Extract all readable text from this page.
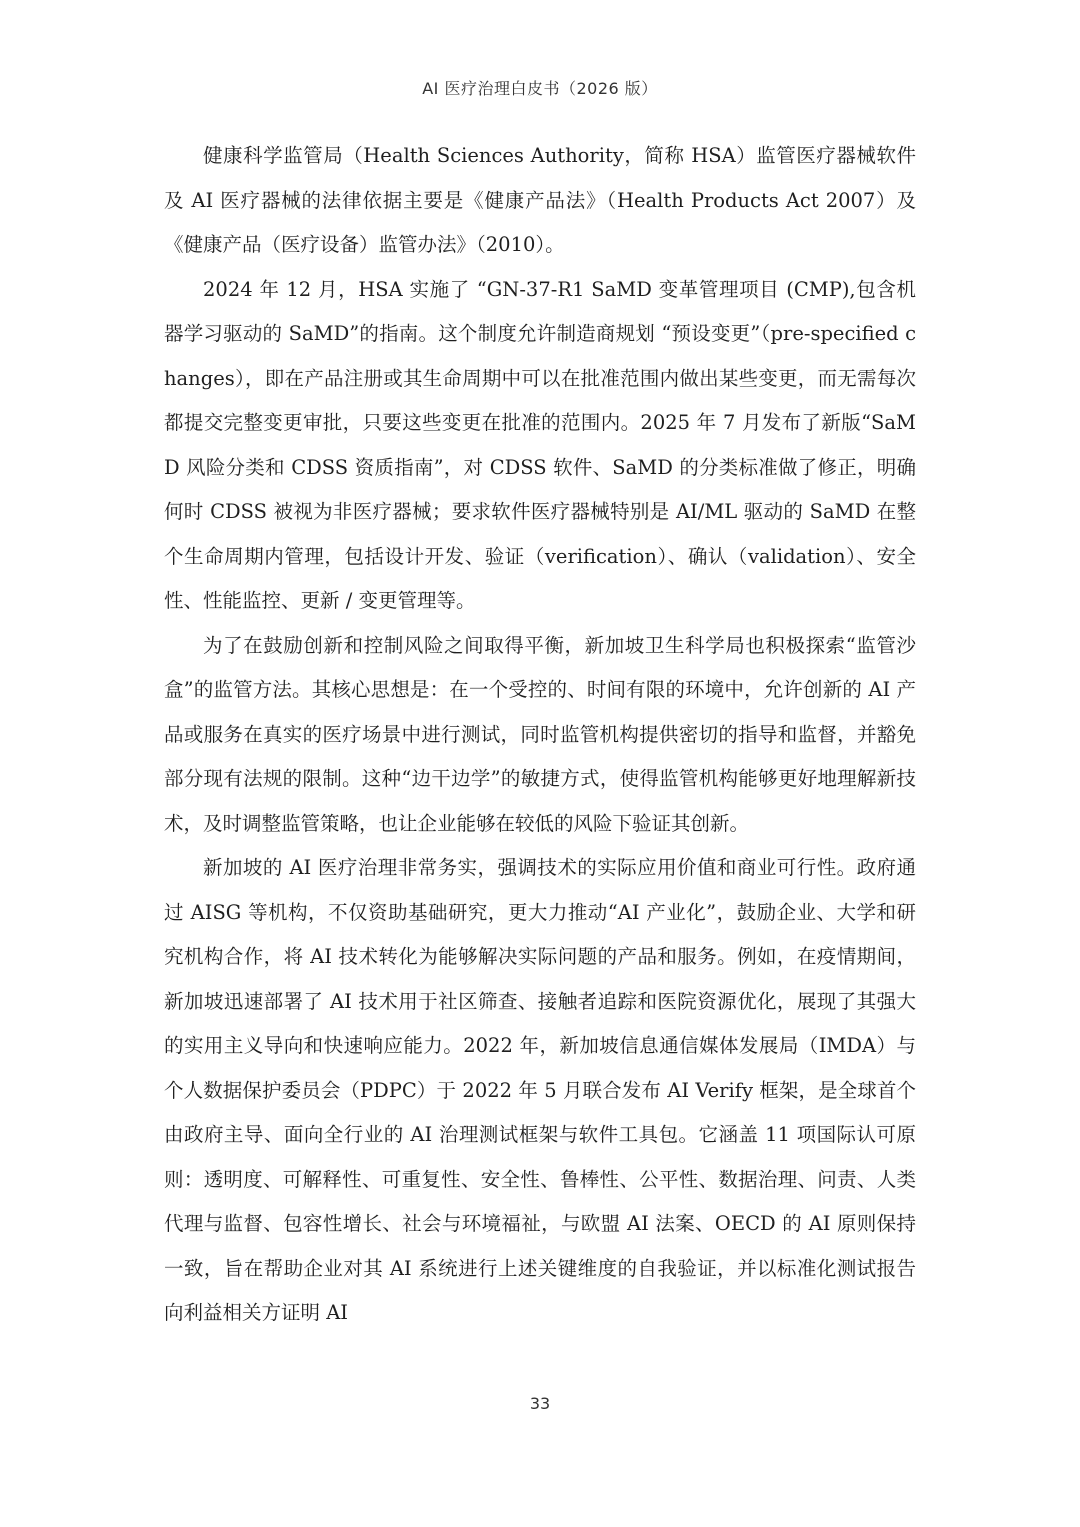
AI 医疗治理白皮书（2026 版）

健康科学监管局（Health Sciences Authority，简称 HSA）监管医疗器械软件及 AI 医疗器械的法律依据主要是《健康产品法》（Health Products Act 2007）及《健康产品（医疗设备）监管办法》（2010）。

2024 年 12 月，HSA 实施了 “GN-37-R1 SaMD 变革管理项目 (CMP),包含机器学习驱动的 SaMD”的指南。这个制度允许制造商规划 “预设变更”（pre-specified changes），即在产品注册或其生命周期中可以在批准范围内做出某些变更，而无需每次都提交完整变更审批，只要这些变更在批准的范围内。2025 年 7 月发布了新版“SaMD 风险分类和 CDSS 资质指南”，对 CDSS 软件、SaMD 的分类标准做了修正，明确何时 CDSS 被视为非医疗器械；要求软件医疗器械特别是 AI/ML 驱动的 SaMD 在整个生命周期内管理，包括设计开发、验证（verification）、确认（validation）、安全性、性能监控、更新 / 变更管理等。

为了在鼓励创新和控制风险之间取得平衡，新加坡卫生科学局也积极探索“监管沙盒”的监管方法。其核心思想是：在一个受控的、时间有限的环境中，允许创新的 AI 产品或服务在真实的医疗场景中进行测试，同时监管机构提供密切的指导和监督，并豁免部分现有法规的限制。这种“边干边学”的敏捷方式，使得监管机构能够更好地理解新技术，及时调整监管策略，也让企业能够在较低的风险下验证其创新。

新加坡的 AI 医疗治理非常务实，强调技术的实际应用价值和商业可行性。政府通过 AISG 等机构，不仅资助基础研究，更大力推动“AI 产业化”，鼓励企业、大学和研究机构合作，将 AI 技术转化为能够解决实际问题的产品和服务。例如，在疫情期间，新加坡迅速部署了 AI 技术用于社区筛查、接触者追踪和医院资源优化，展现了其强大的实用主义导向和快速响应能力。2022 年，新加坡信息通信媒体发展局（IMDA）与个人数据保护委员会（PDPC）于 2022 年 5 月联合发布 AI Verify 框架，是全球首个由政府主导、面向全行业的 AI 治理测试框架与软件工具包。它涵盖 11 项国际认可原则：透明度、可解释性、可重复性、安全性、鲁棒性、公平性、数据治理、问责、人类代理与监督、包容性增长、社会与环境福祉，与欧盟 AI 法案、OECD 的 AI 原则保持一致，旨在帮助企业对其 AI 系统进行上述关键维度的自我验证，并以标准化测试报告向利益相关方证明 AI

33
